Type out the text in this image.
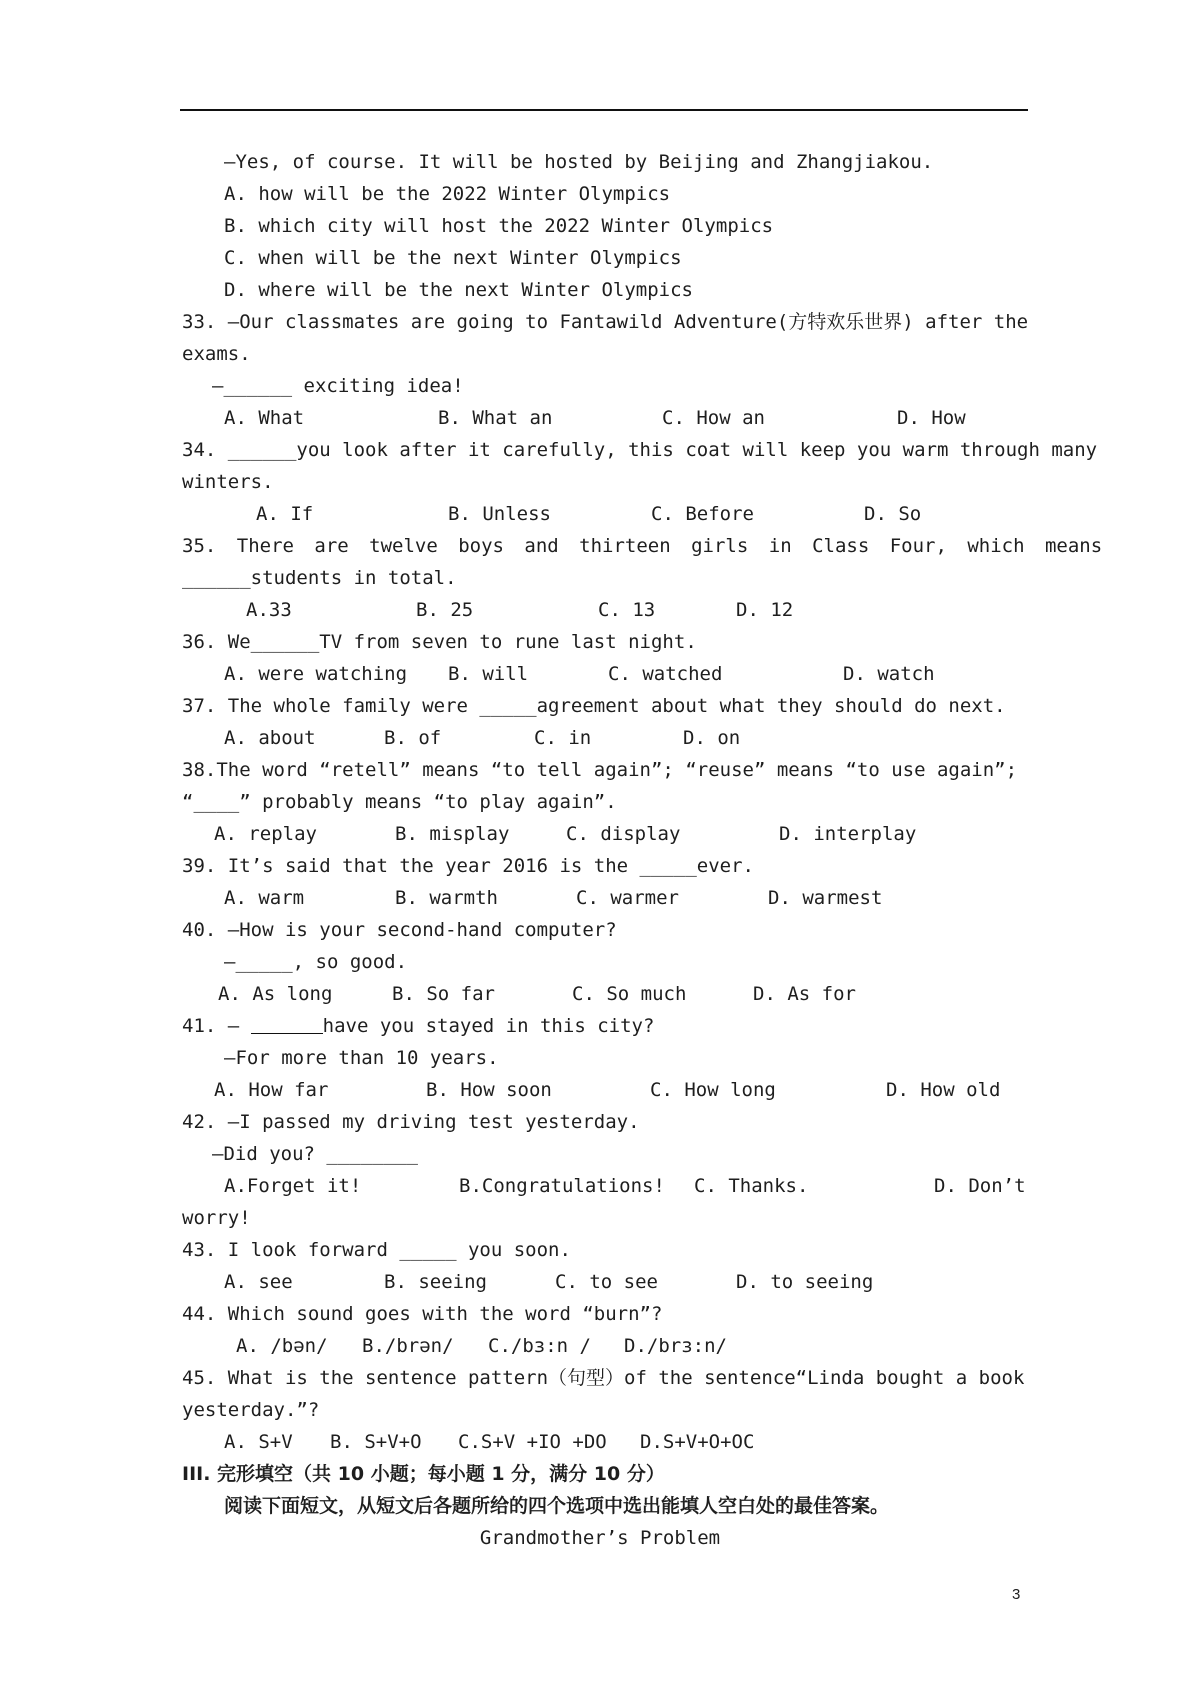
—Yes, of course. It will be hosted by Beijing and Zhangjiakou.
A. how will be the 2022 Winter Olympics
B. which city will host the 2022 Winter Olympics
C. when will be the next Winter Olympics
D. where will be the next Winter Olympics
33. —Our classmates are going to Fantawild Adventure(方特欢乐世界) after the
exams.
—______ exciting idea!
A. What	B. What an	C. How an	D. How
34. ______you look after it carefully, this coat will keep you warm through many
winters.
A. If	B. Unless	C. Before	D. So
35. There are twelve boys and thirteen girls in Class Four, which means
______students in total.
A.33	B. 25	C. 13	D. 12
36. We______TV from seven to rune last night.
A. were watching B. will	C. watched	D. watch
37. The whole family were _____agreement about what they should do next.
A. about	B. of	C. in	D. on
38.The word “retell” means “to tell again”; “reuse” means “to use again”;
“____” probably means “to play again”.
A. replay	B. misplay	C. display	D. interplay
39. It’s said that the year 2016 is the _____ever.
A. warm	B. warmth	C. warmer	D. warmest
40. —How is your second-hand computer?
—_____, so good.
A. As long	B. So far	C. So much	D. As for
41. —	have you stayed in this city?
—For more than 10 years.
A. How far	B. How soon	C. How long	D. How old
42. —I passed my driving test yesterday.
—Did you? ________
A.Forget it!	B.Congratulations! C. Thanks.	D. Don’t
worry!
43. I look forward _____ you soon.
A. see	B. seeing	C. to see	D. to seeing
44. Which sound goes with the word “burn”?
A. /bən/ B./brən/ C./bɜ:n / D./brɜ:n/
45. What is the sentence pattern（句型）of the sentence“Linda bought a book
yesterday.”?
A. S+V B. S+V+O C.S+V +IO +DO D.S+V+O+OC
III. 完形填空（共 10 小题；每小题 1 分，满分 10 分）
阅读下面短文，从短文后各题所给的四个选项中选出能填人空白处的最佳答案。
Grandmother’s Problem
3
